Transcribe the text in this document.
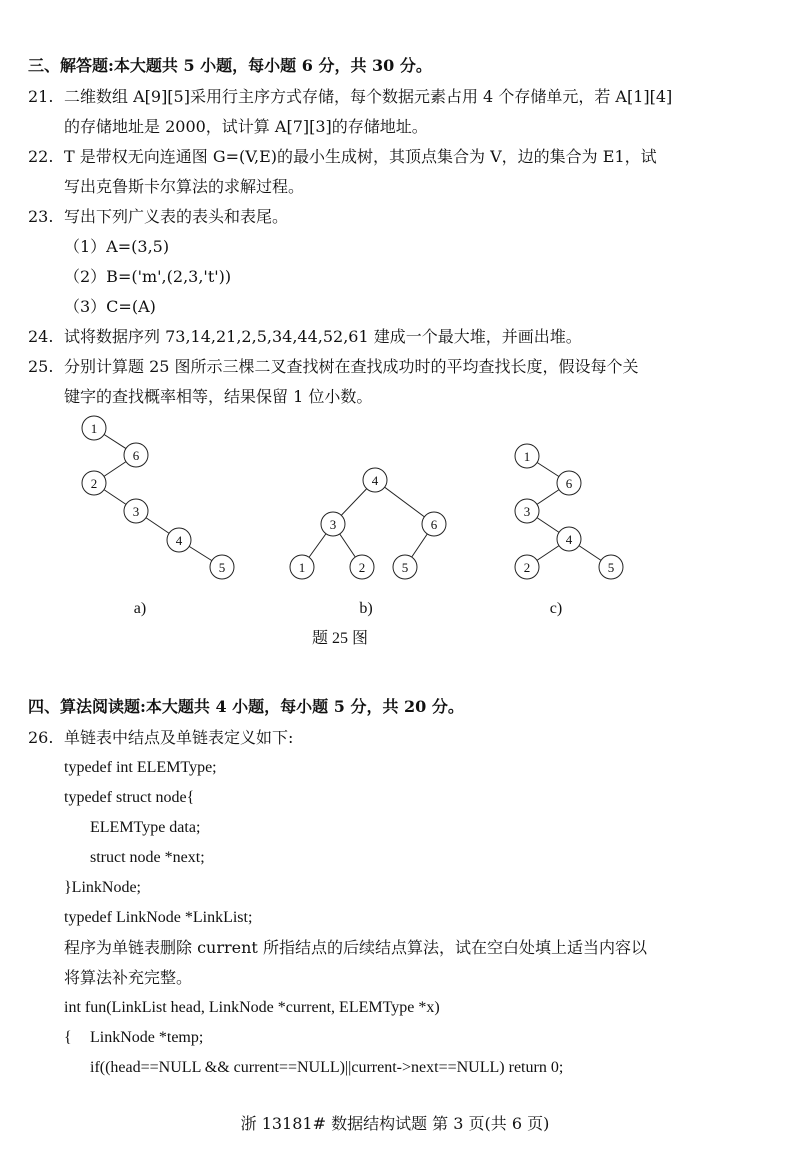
三、解答题:本大题共 5 小题，每小题 6 分，共 30 分。
21. 二维数组 A[9][5]采用行主序方式存储，每个数据元素占用 4 个存储单元，若 A[1][4]
的存储地址是 2000，试计算 A[7][3]的存储地址。
22. T 是带权无向连通图 G=(V,E)的最小生成树，其顶点集合为 V，边的集合为 E1，试
写出克鲁斯卡尔算法的求解过程。
23. 写出下列广义表的表头和表尾。
（1）A=(3,5)
（2）B=('m',(2,3,'t'))
（3）C=(A)
24. 试将数据序列 73,14,21,2,5,34,44,52,61 建成一个最大堆，并画出堆。
25. 分别计算题 25 图所示三棵二叉查找树在查找成功时的平均查找长度，假设每个关
键字的查找概率相等，结果保留 1 位小数。
1
6
2
3
4
5
4
3	6
1	2	5
1
6
3
4
2	5
a)	b)	c)
题 25 图
四、算法阅读题:本大题共 4 小题，每小题 5 分，共 20 分。
26. 单链表中结点及单链表定义如下:
typedef int ELEMType;
typedef struct node{
ELEMType data;
struct node *next;
}LinkNode;
typedef LinkNode *LinkList;
程序为单链表删除 current 所指结点的后续结点算法，试在空白处填上适当内容以
将算法补充完整。
int fun(LinkList head, LinkNode *current, ELEMType *x)
{ LinkNode *temp;
if((head==NULL && current==NULL)||current->next==NULL) return 0;
浙 13181# 数据结构试题 第 3 页(共 6 页)
